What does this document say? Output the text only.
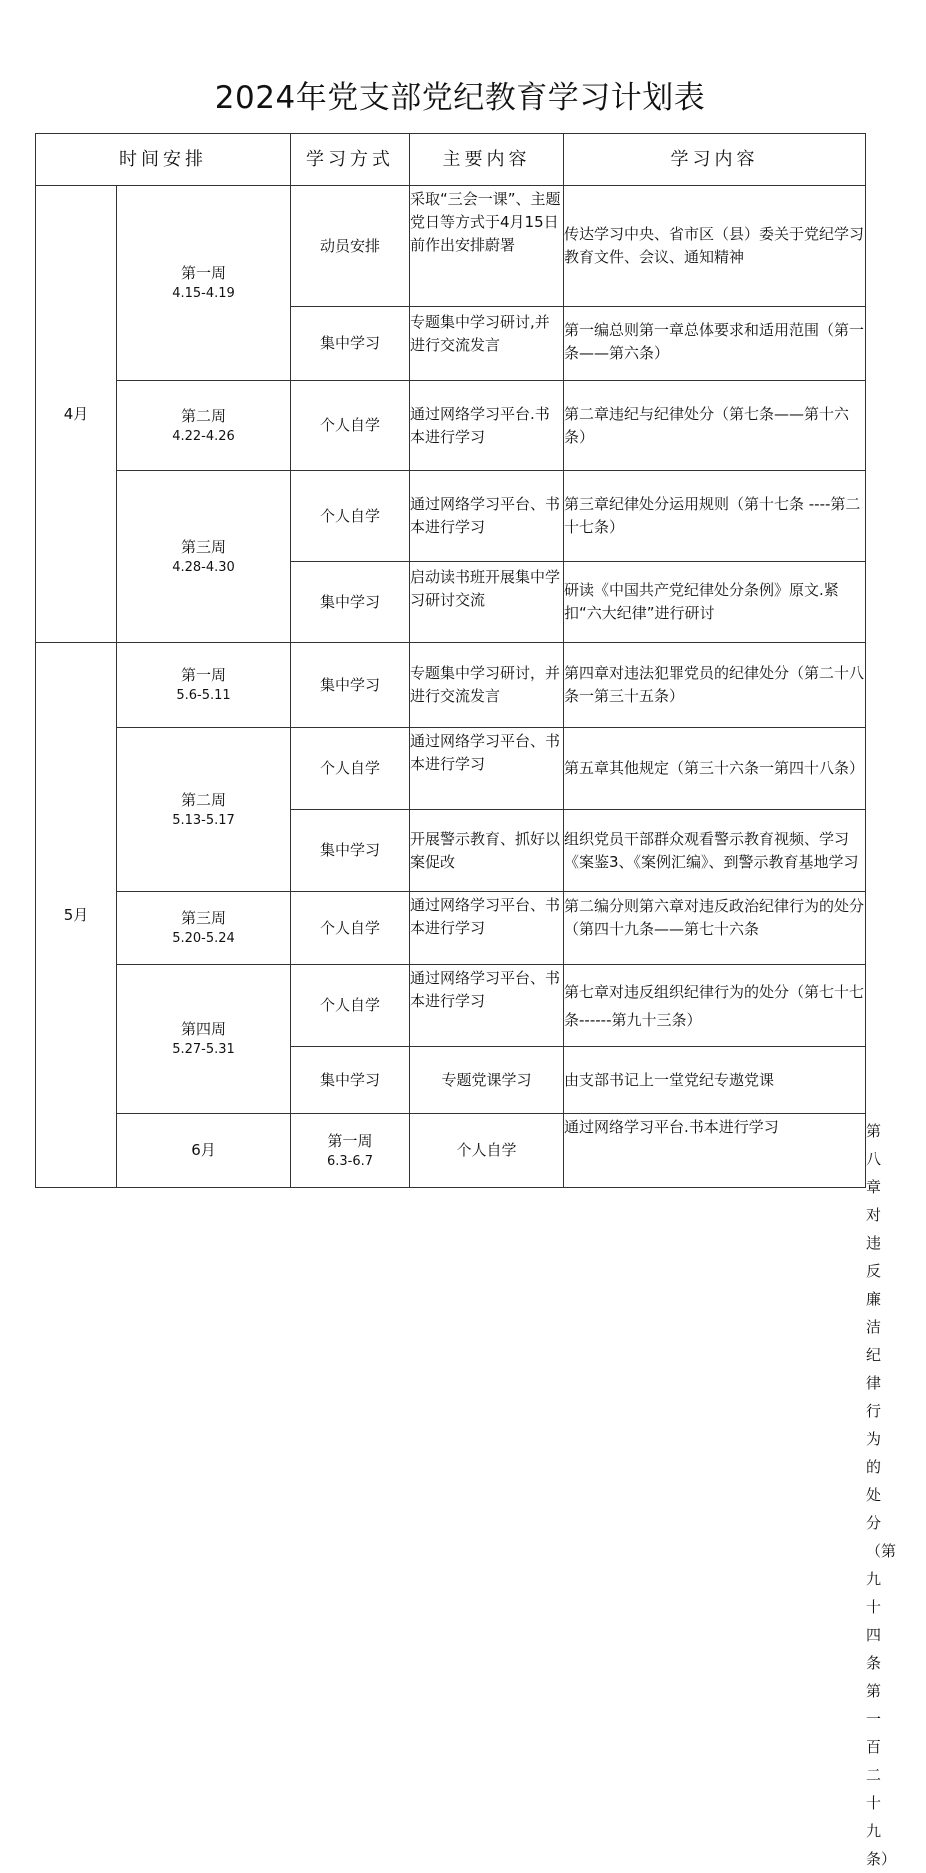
2024年党支部党纪教育学习计划表
时间安排		学习方式	主要内容	学习内容	
4月	第一周
4.15-4.19	动员安排	采取“三会一课”、主题党日等方式于4月15日前作出安排蔚署	传达学习中央、省市区（县）委关于党纪学习教育文件、会议、通知精神	
		集中学习	专题集中学习研讨,并进行交流发言	第一编总则第一章总体要求和适用范围（第一条——第六条）	

	第二周
4.22-4.26	个人自学	通过网络学习平台.书本进行学习	第二章违纪与纪律处分（第七条——第十六条）	

	第三周
4.28-4.30	个人自学	通过网络学习平台、书本进行学习	第三章纪律处分运用规则（第十七条 ----第二十七条）	
		集中学习	启动读书班开展集中学习研讨交流	研读《中国共产党纪律处分条例》原文.紧扣“六大纪律”进行研讨	
5月	第一周
5.6-5.11	集中学习	专题集中学习研讨，并进行交流发言	第四章对违法犯罪党员的纪律处分（第二十八条一第三十五条）	

	第二周
5.13-5.17	个人自学	通过网络学习平台、书本进行学习	第五章其他规定（第三十六条一第四十八条）	
		集中学习	开展警示教育、抓好以案促改	组织党员干部群众观看警示教育视频、学习《案鉴3、《案例汇编》、到警示教育基地学习	

	第三周
5.20-5.24	个人自学	通过网络学习平台、书本进行学习	第二编分则第六章对违反政治纪律行为的处分（第四十九条——第七十六条	

	第四周
5.27-5.31	个人自学	通过网络学习平台、书本进行学习	第七章对违反组织纪律行为的处分（第七十七条------第九十三条）	
		集中学习	专题党课学习	由支部书记上一堂党纪专遨党课	
	6月	第一周
6.3-6.7	个人自学	通过网络学习平台.书本进行学习	第八章对违反廉洁纪律行为的处分（第九十四条第一百二十九条）
